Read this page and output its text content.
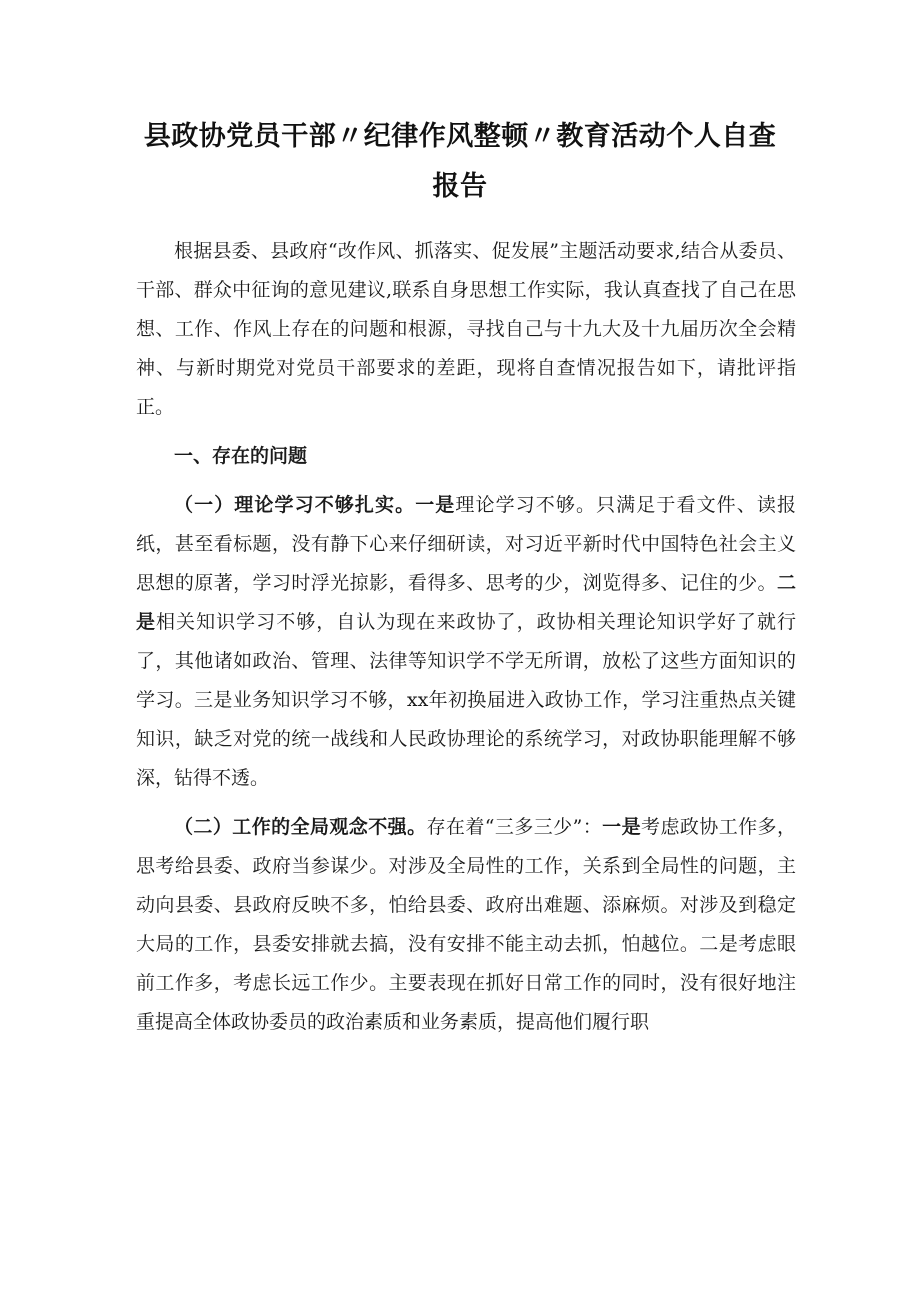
县政协党员干部〃纪律作风整顿〃教育活动个人自查
报告

根据县委、县政府“改作风、抓落实、促发展”主题活动要求,结合从委员、干部、群众中征询的意见建议,联系自身思想工作实际，我认真查找了自己在思想、工作、作风上存在的问题和根源，寻找自己与十九大及十九届历次全会精神、与新时期党对党员干部要求的差距，现将自查情况报告如下，请批评指正。

一、存在的问题

（一）理论学习不够扎实。一是理论学习不够。只满足于看文件、读报纸，甚至看标题，没有静下心来仔细研读，对习近平新时代中国特色社会主义思想的原著，学习时浮光掠影，看得多、思考的少，浏览得多、记住的少。二是相关知识学习不够，自认为现在来政协了，政协相关理论知识学好了就行了，其他诸如政治、管理、法律等知识学不学无所谓，放松了这些方面知识的学习。三是业务知识学习不够，xx年初换届进入政协工作，学习注重热点关键知识，缺乏对党的统一战线和人民政协理论的系统学习，对政协职能理解不够深，钻得不透。

（二）工作的全局观念不强。存在着“三多三少”：一是考虑政协工作多，思考给县委、政府当参谋少。对涉及全局性的工作，关系到全局性的问题，主动向县委、县政府反映不多，怕给县委、政府出难题、添麻烦。对涉及到稳定大局的工作，县委安排就去搞，没有安排不能主动去抓，怕越位。二是考虑眼前工作多，考虑长远工作少。主要表现在抓好日常工作的同时，没有很好地注重提高全体政协委员的政治素质和业务素质，提高他们履行职
